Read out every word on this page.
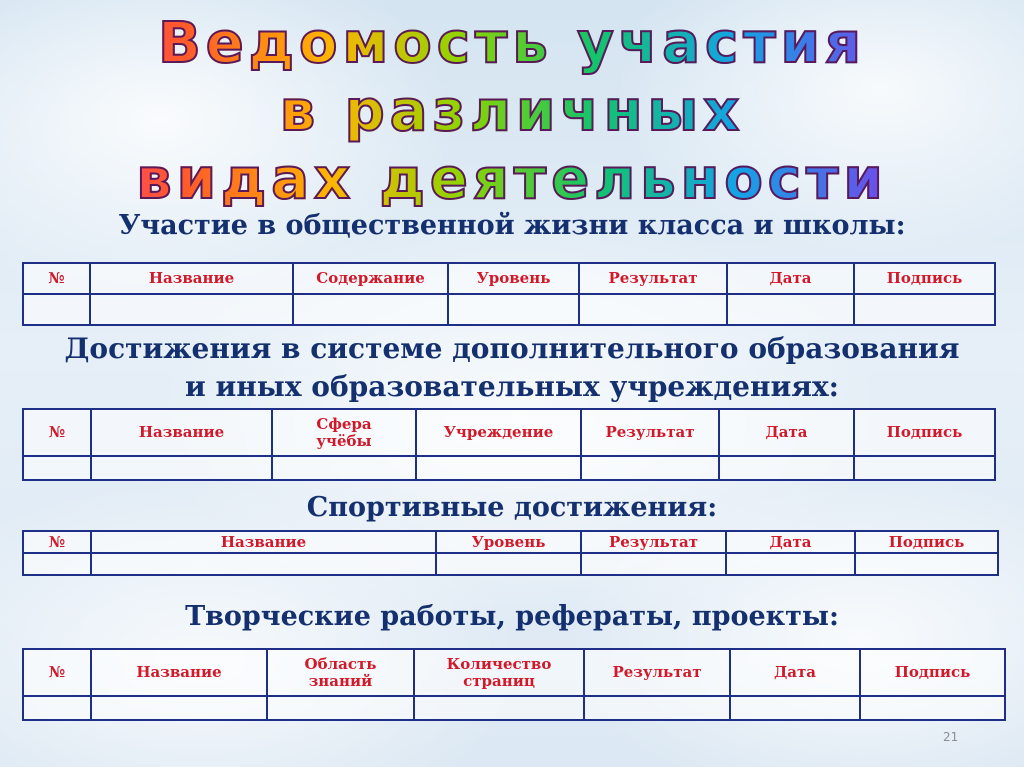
Ведомость участия
в различных
видах деятельности
Участие в общественной жизни класса и школы:
№	Название	Содержание	Уровень	Результат	Дата	Подпись

Достижения в системе дополнительного образования
и иных образовательных учреждениях:
№	Название	Сфера учёбы	Учреждение	Результат	Дата	Подпись

Спортивные достижения:
№	Название	Уровень	Результат	Дата	Подпись

Творческие работы, рефераты, проекты:
№	Название	Область знаний	Количество страниц	Результат	Дата	Подпись

21
